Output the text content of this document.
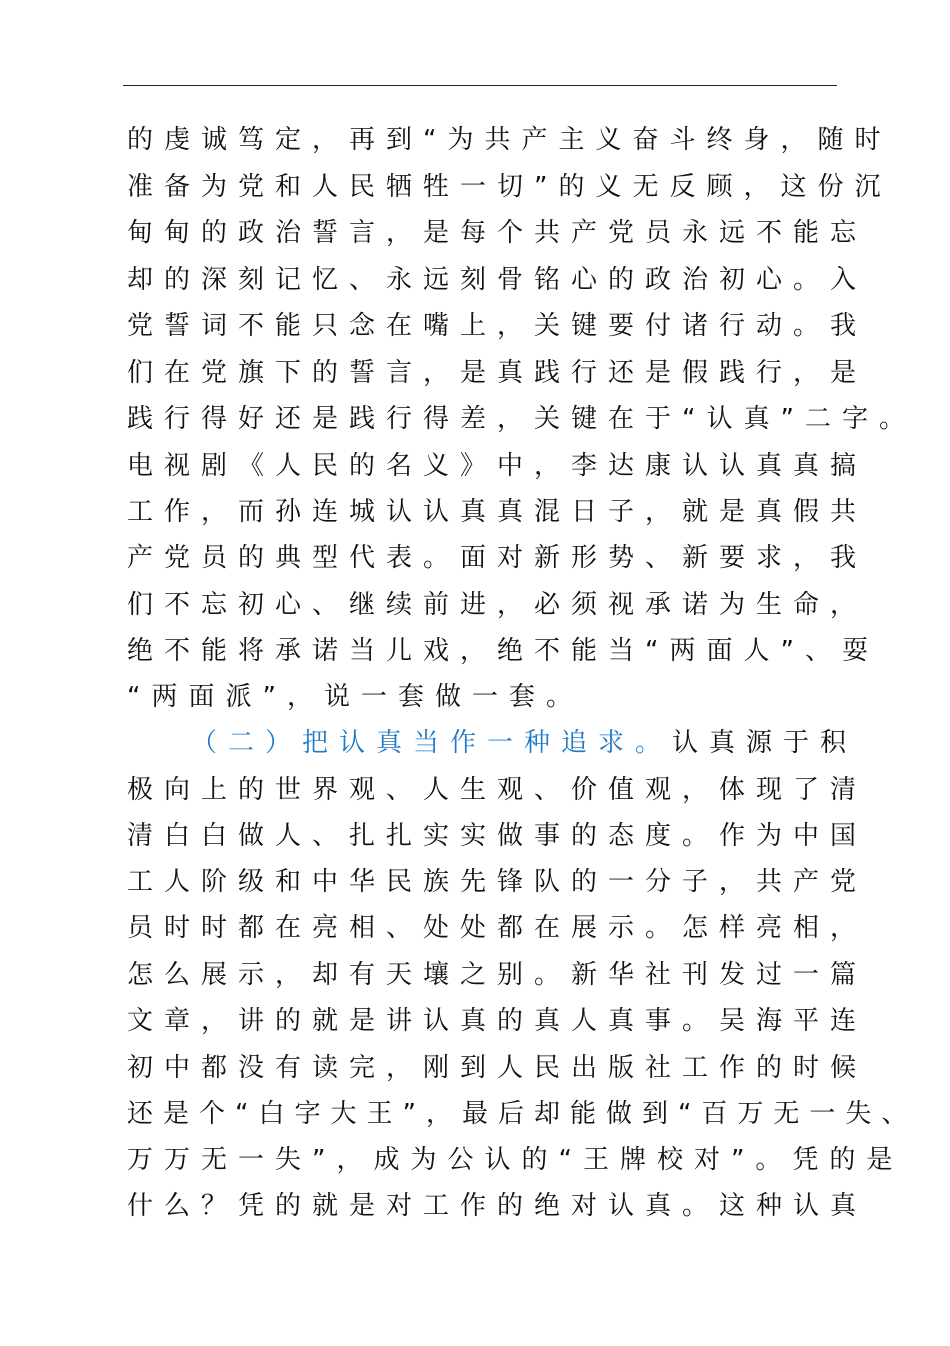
的虔诚笃定，再到“为共产主义奋斗终身，随时
准备为党和人民牺牲一切”的义无反顾，这份沉
甸甸的政治誓言，是每个共产党员永远不能忘
却的深刻记忆、永远刻骨铭心的政治初心。入
党誓词不能只念在嘴上，关键要付诸行动。我
们在党旗下的誓言，是真践行还是假践行，是
践行得好还是践行得差，关键在于“认真”二字。
电视剧《人民的名义》中，李达康认认真真搞
工作，而孙连城认认真真混日子，就是真假共
产党员的典型代表。面对新形势、新要求，我
们不忘初心、继续前进，必须视承诺为生命，
绝不能将承诺当儿戏，绝不能当“两面人”、耍
“两面派”，说一套做一套。
（二）把认真当作一种追求。认真源于积
极向上的世界观、人生观、价值观，体现了清
清白白做人、扎扎实实做事的态度。作为中国
工人阶级和中华民族先锋队的一分子，共产党
员时时都在亮相、处处都在展示。怎样亮相，
怎么展示，却有天壤之别。新华社刊发过一篇
文章，讲的就是讲认真的真人真事。吴海平连
初中都没有读完，刚到人民出版社工作的时候
还是个“白字大王”，最后却能做到“百万无一失、
万万无一失”，成为公认的“王牌校对”。凭的是
什么？凭的就是对工作的绝对认真。这种认真
